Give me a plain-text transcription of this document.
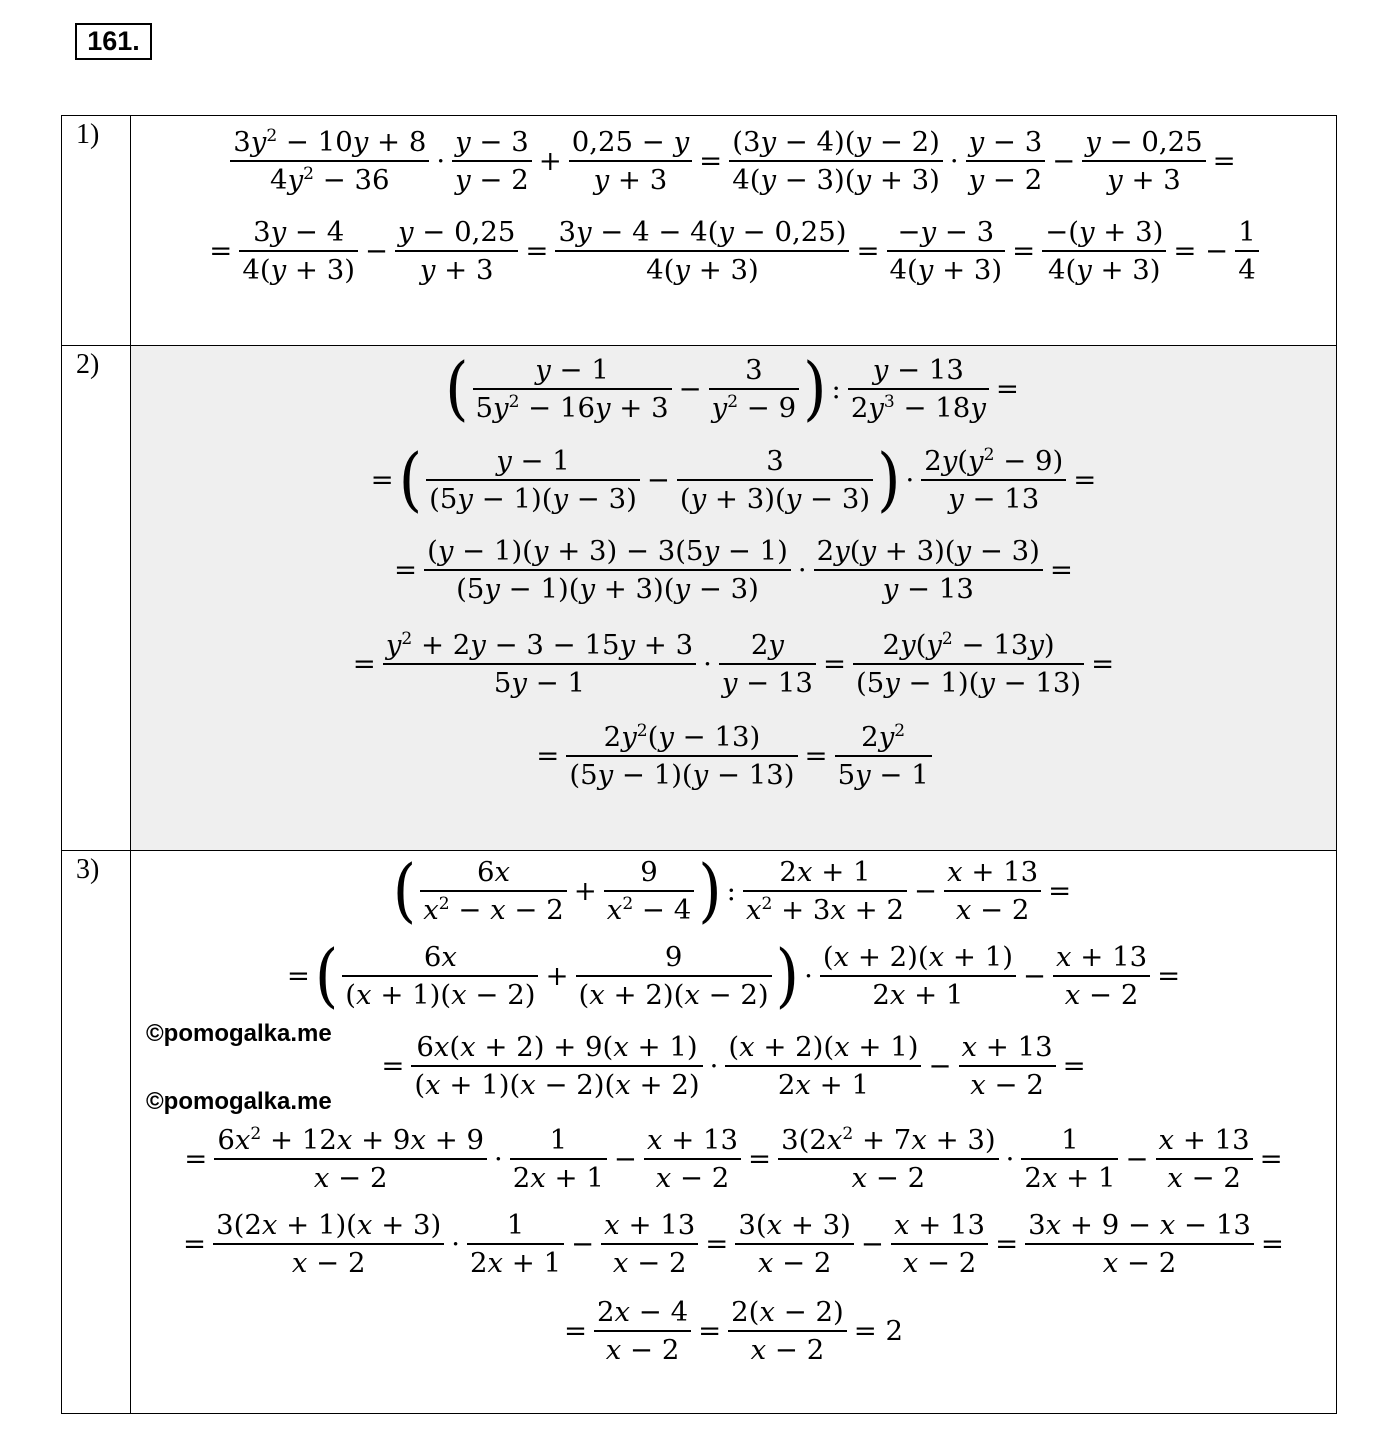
161.
1)	$\frac{3y^2 - 10y + 8}{4y^2 - 36} \cdot \frac{y - 3}{y - 2} + \frac{0,25 - y}{y + 3} = \frac{(3y - 4)(y - 2)}{4(y - 3)(y + 3)} \cdot \frac{y - 3}{y - 2} - \frac{y - 0,25}{y + 3}$ =
= $\frac{3y - 4}{4(y + 3)} - \frac{y - 0,25}{y + 3} = \frac{3y - 4 - 4(y - 0,25)}{4(y + 3)} = \frac{-y - 3}{4(y + 3)} = \frac{-(y + 3)}{4(y + 3)}$ = − $\frac{1}{4}$
2)	( $\frac{y - 1}{5y^2 - 16y + 3} - \frac{3}{y^2 - 9}$ ) : $\frac{y - 13}{2y^3 - 18y}$ =
= ( $\frac{y - 1}{(5y - 1)(y - 3)} - \frac{3}{(y + 3)(y - 3)}$ ) · $\frac{2y(y^2 - 9)}{y - 13}$ =
= $\frac{(y - 1)(y + 3) - 3(5y - 1)}{(5y - 1)(y + 3)(y - 3)} \cdot \frac{2y(y + 3)(y - 3)}{y - 13}$ =
= $\frac{y^2 + 2y - 3 - 15y + 3}{5y - 1} \cdot \frac{2y}{y - 13} = \frac{2y(y^2 - 13y)}{(5y - 1)(y - 13)}$ =
= $\frac{2y^2(y - 13)}{(5y - 1)(y - 13)} = \frac{2y^2}{5y - 1}$
3)	( $\frac{6x}{x^2 - x - 2} + \frac{9}{x^2 - 4}$ ) : $\frac{2x + 1}{x^2 + 3x + 2} - \frac{x + 13}{x - 2}$ =
= ( $\frac{6x}{(x + 1)(x - 2)} + \frac{9}{(x + 2)(x - 2)}$ ) · $\frac{(x + 2)(x + 1)}{2x + 1} - \frac{x + 13}{x - 2}$ =
= $\frac{6x(x + 2) + 9(x + 1)}{(x + 1)(x - 2)(x + 2)} \cdot \frac{(x + 2)(x + 1)}{2x + 1} - \frac{x + 13}{x - 2}$ =
= $\frac{6x^2 + 12x + 9x + 9}{x - 2} \cdot \frac{1}{2x + 1} - \frac{x + 13}{x - 2} = \frac{3(2x^2 + 7x + 3)}{x - 2} \cdot \frac{1}{2x + 1} - \frac{x + 13}{x - 2}$ =
= $\frac{3(2x + 1)(x + 3)}{x - 2} \cdot \frac{1}{2x + 1} - \frac{x + 13}{x - 2} = \frac{3(x + 3)}{x - 2} - \frac{x + 13}{x - 2} = \frac{3x + 9 - x - 13}{x - 2}$ =
= $\frac{2x - 4}{x - 2} = \frac{2(x - 2)}{x - 2} = 2$
©pomogalka.me
©pomogalka.me
